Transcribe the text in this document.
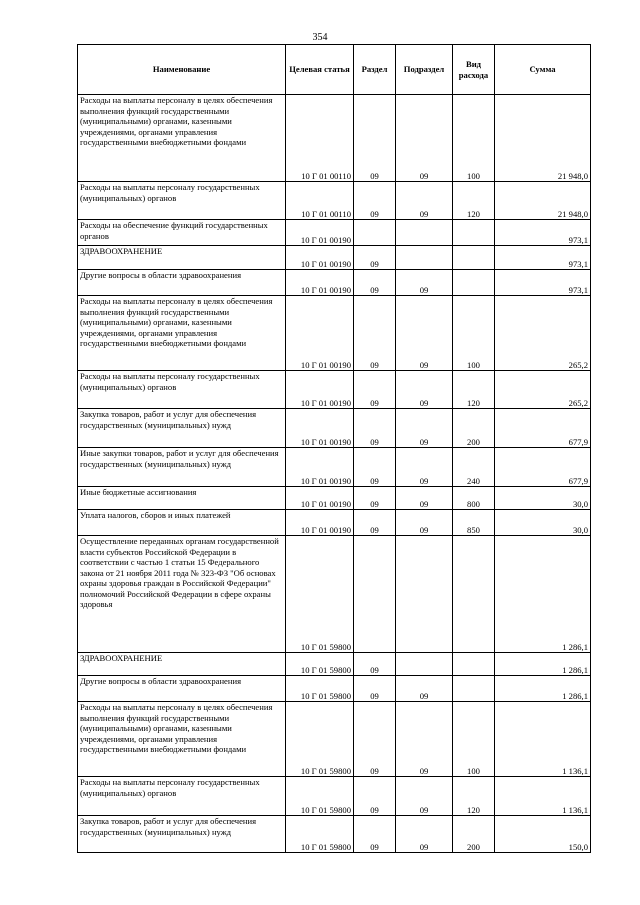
354
Наименование	Целевая статья	Раздел	Подраздел	Вид расхода	Сумма
Расходы на выплаты персоналу в целях обеспечения выполнения функций государственными (муниципальными) органами, казенными учреждениями, органами управления государственными внебюджетными фондами	10 Г 01 00110	09	09	100	21 948,0
Расходы на выплаты персоналу государственных (муниципальных) органов	10 Г 01 00110	09	09	120	21 948,0
Расходы на обеспечение функций государственных органов	10 Г 01 00190				973,1
ЗДРАВООХРАНЕНИЕ	10 Г 01 00190	09			973,1
Другие вопросы в области здравоохранения	10 Г 01 00190	09	09		973,1
Расходы на выплаты персоналу в целях обеспечения выполнения функций государственными (муниципальными) органами, казенными учреждениями, органами управления государственными внебюджетными фондами	10 Г 01 00190	09	09	100	265,2
Расходы на выплаты персоналу государственных (муниципальных) органов	10 Г 01 00190	09	09	120	265,2
Закупка товаров, работ и услуг для обеспечения государственных (муниципальных) нужд	10 Г 01 00190	09	09	200	677,9
Иные закупки товаров, работ и услуг для обеспечения государственных (муниципальных) нужд	10 Г 01 00190	09	09	240	677,9
Иные бюджетные ассигнования	10 Г 01 00190	09	09	800	30,0
Уплата налогов, сборов и иных платежей	10 Г 01 00190	09	09	850	30,0
Осуществление переданных органам государственной власти субъектов Российской Федерации в соответствии с частью 1 статьи 15 Федерального закона от 21 ноября 2011 года № 323-ФЗ "Об основах охраны здоровья граждан в Российской Федерации" полномочий Российской Федерации в сфере охраны здоровья	10 Г 01 59800				1 286,1
ЗДРАВООХРАНЕНИЕ	10 Г 01 59800	09			1 286,1
Другие вопросы в области здравоохранения	10 Г 01 59800	09	09		1 286,1
Расходы на выплаты персоналу в целях обеспечения выполнения функций государственными (муниципальными) органами, казенными учреждениями, органами управления государственными внебюджетными фондами	10 Г 01 59800	09	09	100	1 136,1
Расходы на выплаты персоналу государственных (муниципальных) органов	10 Г 01 59800	09	09	120	1 136,1
Закупка товаров, работ и услуг для обеспечения государственных (муниципальных) нужд	10 Г 01 59800	09	09	200	150,0
